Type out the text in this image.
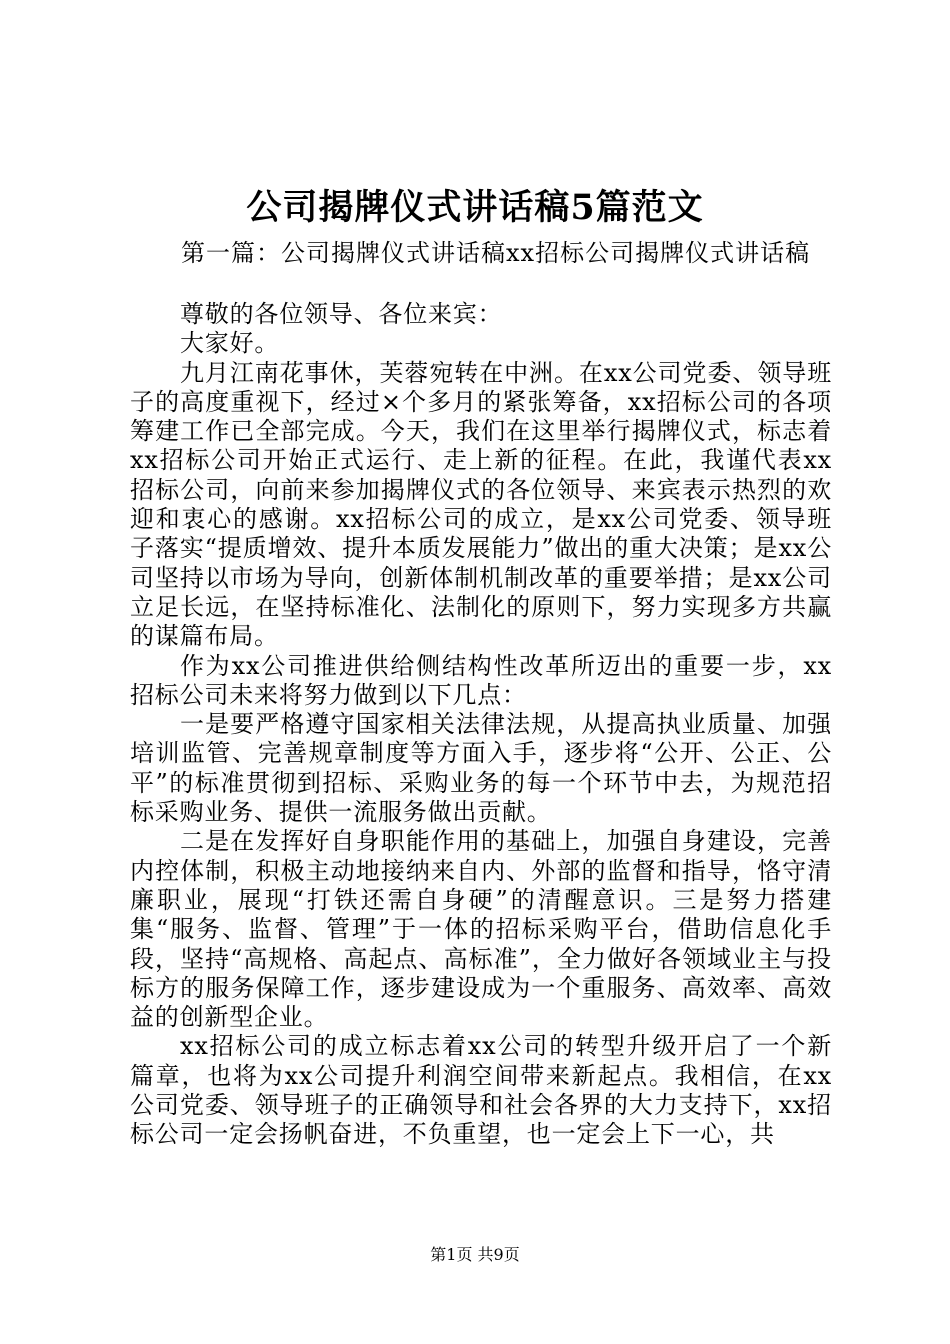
公司揭牌仪式讲话稿5篇范文
第一篇：公司揭牌仪式讲话稿xx招标公司揭牌仪式讲话稿

尊敬的各位领导、各位来宾：

大家好。

九月江南花事休，芙蓉宛转在中洲。在xx公司党委、领导班子的高度重视下，经过×个多月的紧张筹备，xx招标公司的各项筹建工作已全部完成。今天，我们在这里举行揭牌仪式，标志着xx招标公司开始正式运行、走上新的征程。在此，我谨代表xx招标公司，向前来参加揭牌仪式的各位领导、来宾表示热烈的欢迎和衷心的感谢。xx招标公司的成立，是xx公司党委、领导班子落实“提质增效、提升本质发展能力”做出的重大决策；是xx公司坚持以市场为导向，创新体制机制改革的重要举措；是xx公司立足长远，在坚持标准化、法制化的原则下，努力实现多方共赢的谋篇布局。

作为xx公司推进供给侧结构性改革所迈出的重要一步，xx招标公司未来将努力做到以下几点：

一是要严格遵守国家相关法律法规，从提高执业质量、加强培训监管、完善规章制度等方面入手，逐步将“公开、公正、公平”的标准贯彻到招标、采购业务的每一个环节中去，为规范招标采购业务、提供一流服务做出贡献。

二是在发挥好自身职能作用的基础上，加强自身建设，完善内控体制，积极主动地接纳来自内、外部的监督和指导，恪守清廉职业，展现“打铁还需自身硬”的清醒意识。三是努力搭建集“服务、监督、管理”于一体的招标采购平台，借助信息化手段，坚持“高规格、高起点、高标准”，全力做好各领域业主与投标方的服务保障工作，逐步建设成为一个重服务、高效率、高效益的创新型企业。

xx招标公司的成立标志着xx公司的转型升级开启了一个新篇章，也将为xx公司提升利润空间带来新起点。我相信，在xx公司党委、领导班子的正确领导和社会各界的大力支持下，xx招标公司一定会扬帆奋进，不负重望，也一定会上下一心，共

第1页 共9页
